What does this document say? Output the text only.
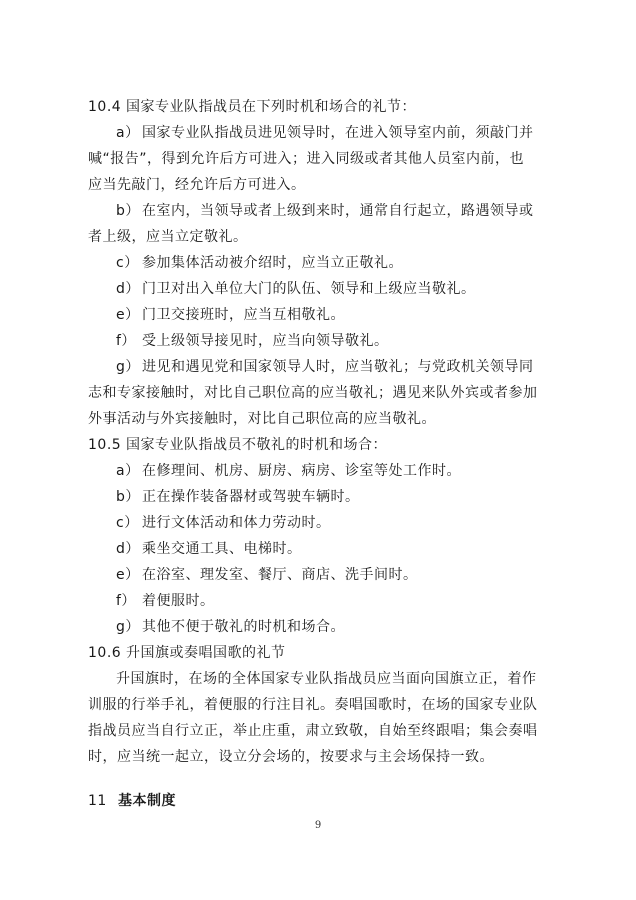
10.4 国家专业队指战员在下列时机和场合的礼节：
a） 国家专业队指战员进见领导时，在进入领导室内前，须敲门并
喊“报告”，得到允许后方可进入；进入同级或者其他人员室内前，也
应当先敲门，经允许后方可进入。
b） 在室内，当领导或者上级到来时，通常自行起立，路遇领导或
者上级，应当立定敬礼。
c） 参加集体活动被介绍时，应当立正敬礼。
d） 门卫对出入单位大门的队伍、领导和上级应当敬礼。
e） 门卫交接班时，应当互相敬礼。
f） 受上级领导接见时，应当向领导敬礼。
g） 进见和遇见党和国家领导人时，应当敬礼；与党政机关领导同
志和专家接触时，对比自己职位高的应当敬礼；遇见来队外宾或者参加
外事活动与外宾接触时，对比自己职位高的应当敬礼。
10.5 国家专业队指战员不敬礼的时机和场合：
a） 在修理间、机房、厨房、病房、诊室等处工作时。
b） 正在操作装备器材或驾驶车辆时。
c） 进行文体活动和体力劳动时。
d） 乘坐交通工具、电梯时。
e） 在浴室、理发室、餐厅、商店、洗手间时。
f） 着便服时。
g） 其他不便于敬礼的时机和场合。
10.6 升国旗或奏唱国歌的礼节
升国旗时，在场的全体国家专业队指战员应当面向国旗立正，着作
训服的行举手礼，着便服的行注目礼。奏唱国歌时，在场的国家专业队
指战员应当自行立正，举止庄重，肃立致敬，自始至终跟唱；集会奏唱
时，应当统一起立，设立分会场的，按要求与主会场保持一致。
11 基本制度
9
